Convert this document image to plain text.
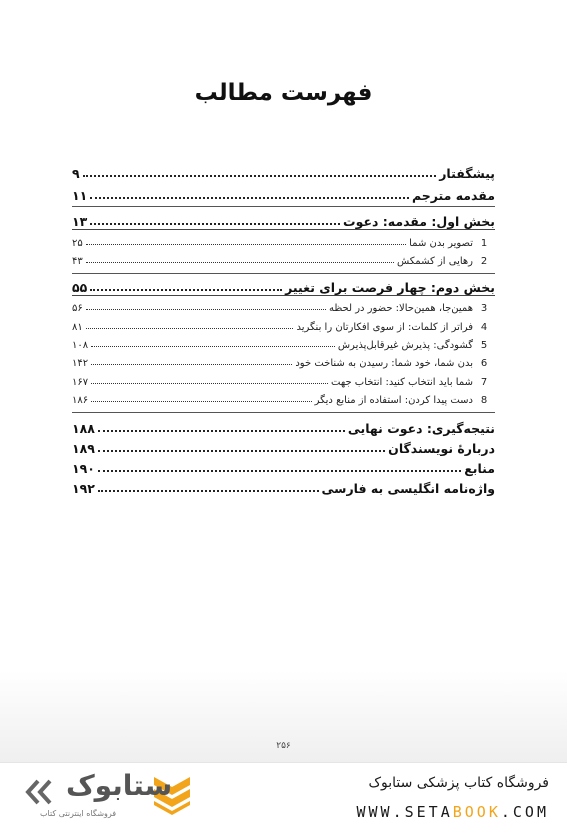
فهرست مطالب
پیشگفتار
۹
مقدمه مترجم
۱۱
بخش اول: مقدمه: دعوت
۱۳
1
تصویر بدن شما
۲۵
2
رهایی از کشمکش
۴۳
بخش دوم: چهار فرصت برای تغییر
۵۵
3
همین‌جا، همین‌حالا: حضور در لحظه
۵۶
4
فراتر از کلمات: از سوی افکارتان را بنگرید
۸۱
5
گشودگی: پذیرش غیرقابل‌پذیرش
۱۰۸
6
بدن شما، خود شما: رسیدن به شناخت خود
۱۴۲
7
شما باید انتخاب کنید: انتخاب جهت
۱۶۷
8
دست پیدا کردن: استفاده از منابع دیگر
۱۸۶
نتیجه‌گیری: دعوت نهایی
۱۸۸
دربارهٔ نویسندگان
۱۸۹
منابع
۱۹۰
واژه‌نامه انگلیسی به فارسی
۱۹۲
۲۵۶
فروشگاه کتاب پزشکی ستابوک
WWW.SETABOOK.COM
ستابوک
فروشگاه اینترنتی کتاب
